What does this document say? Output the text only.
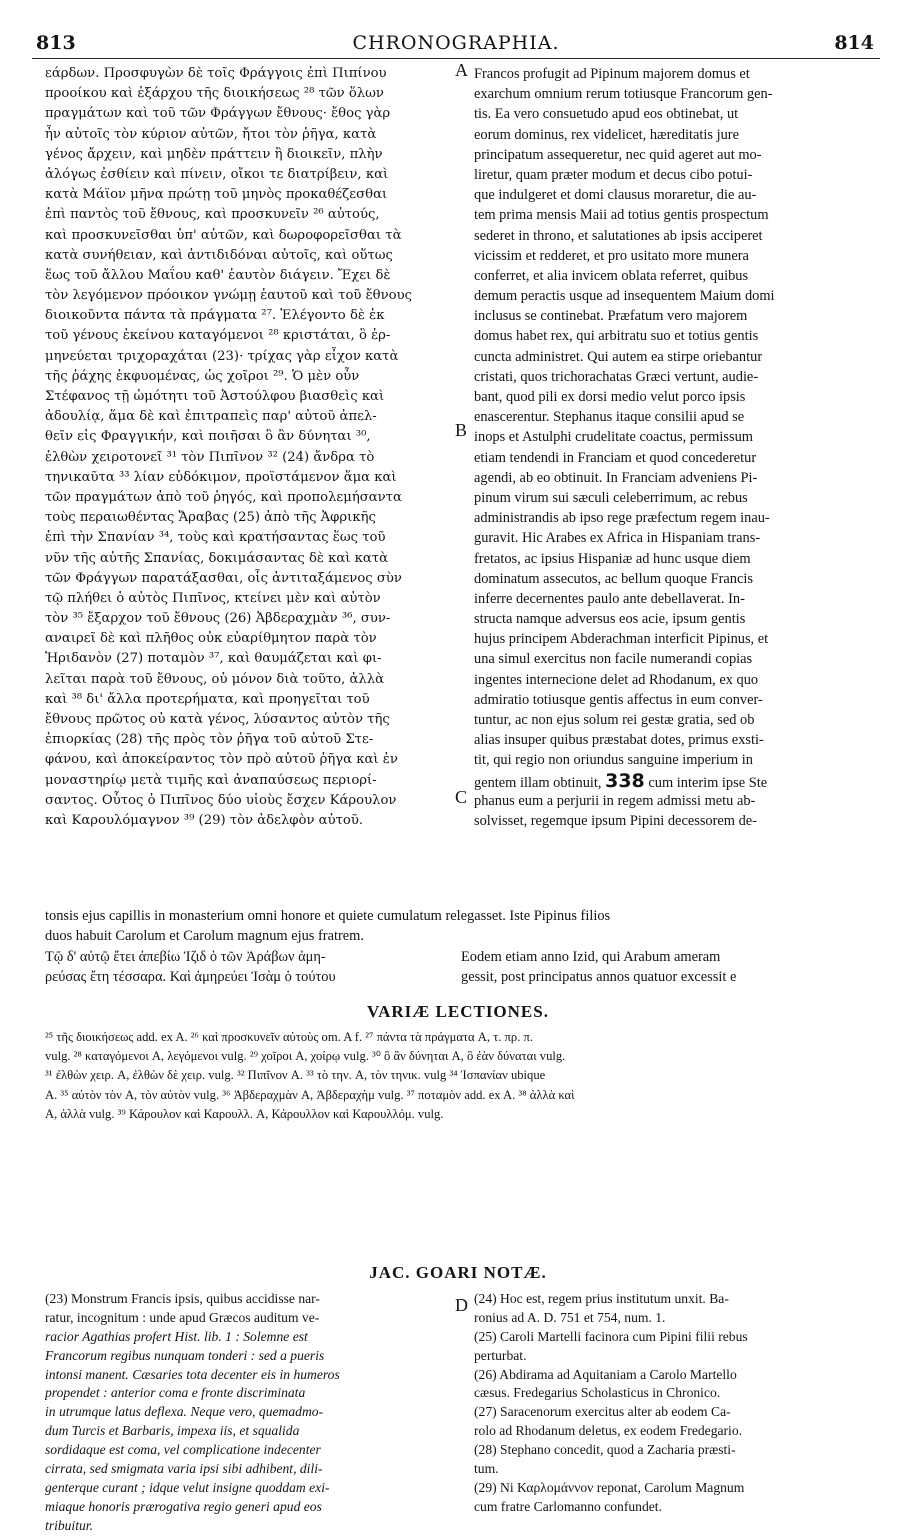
813	CHRONOGRAPHIA.	814
A
B
C
D
εάρδων. Προσφυγὼν δὲ τοῖς Φράγγοις ἐπὶ Πιπίνου
προοίκου καὶ ἐξάρχου τῆς διοικήσεως ²⁸ τῶν ὅλων
πραγμάτων καὶ τοῦ τῶν Φράγγων ἔθνους· ἔθος γὰρ
ἦν αὐτοῖς τὸν κύριον αὐτῶν, ἤτοι τὸν ῥῆγα, κατὰ
γένος ἄρχειν, καὶ μηδὲν πράττειν ἢ διοικεῖν, πλὴν
ἀλόγως ἐσθίειν καὶ πίνειν, οἴκοι τε διατρίβειν, καὶ
κατὰ Μάϊον μῆνα πρώτῃ τοῦ μηνὸς προκαθέζεσθαι
ἐπὶ παντὸς τοῦ ἔθνους, καὶ προσκυνεῖν ²⁶ αὐτούς,
καὶ προσκυνεῖσθαι ὑπ' αὐτῶν, καὶ δωροφορεῖσθαι τὰ
κατὰ συνήθειαν, καὶ ἀντιδιδόναι αὐτοῖς, καὶ οὕτως
ἕως τοῦ ἄλλου Μαΐου καθ' ἑαυτὸν διάγειν. Ἔχει δὲ
τὸν λεγόμενον πρόοικον γνώμῃ ἑαυτοῦ καὶ τοῦ ἔθνους
διοικοῦντα πάντα τὰ πράγματα ²⁷. Ἐλέγοντο δὲ ἐκ
τοῦ γένους ἐκείνου καταγόμενοι ²⁸ κριστάται, ὃ ἑρ-
μηνεύεται τριχοραχάται (23)· τρίχας γὰρ εἶχον κατὰ
τῆς ῥάχης ἐκφυομένας, ὡς χοῖροι ²⁹. Ὁ μὲν οὖν
Στέφανος τῇ ὠμότητι τοῦ Ἀστούλφου βιασθεὶς καὶ
ἀδουλίᾳ, ἅμα δὲ καὶ ἐπιτραπεὶς παρ' αὐτοῦ ἀπελ-
θεῖν εἰς Φραγγικήν, καὶ ποιῆσαι ὃ ἂν δύνηται ³⁰,
ἐλθὼν χειροτονεῖ ³¹ τὸν Πιπῖνον ³² (24) ἄνδρα τὸ
τηνικαῦτα ³³ λίαν εὐδόκιμον, προϊστάμενον ἅμα καὶ
τῶν πραγμάτων ἀπὸ τοῦ ῥηγός, καὶ προπολεμήσαντα
τοὺς περαιωθέντας Ἄραβας (25) ἀπὸ τῆς Ἀφρικῆς
ἐπὶ τὴν Σπανίαν ³⁴, τοὺς καὶ κρατήσαντας ἕως τοῦ
νῦν τῆς αὐτῆς Σπανίας, δοκιμάσαντας δὲ καὶ κατὰ
τῶν Φράγγων παρατάξασθαι, οἷς ἀντιταξάμενος σὺν
τῷ πλήθει ὁ αὐτὸς Πιπῖνος, κτείνει μὲν καὶ αὐτὸν
τὸν ³⁵ ἔξαρχον τοῦ ἔθνους (26) Ἀβδεραχμὰν ³⁶, συν-
αναιρεῖ δὲ καὶ πλῆθος οὐκ εὐαρίθμητον παρὰ τὸν
Ἠριδανὸν (27) ποταμὸν ³⁷, καὶ θαυμάζεται καὶ φι-
λεῖται παρὰ τοῦ ἔθνους, οὐ μόνον διὰ τοῦτο, ἀλλὰ
καὶ ³⁸ δι' ἄλλα προτερήματα, καὶ προηγεῖται τοῦ
ἔθνους πρῶτος οὐ κατὰ γένος, λύσαντος αὐτὸν τῆς
ἐπιορκίας (28) τῆς πρὸς τὸν ῥῆγα τοῦ αὐτοῦ Στε-
φάνου, καὶ ἀποκείραντος τὸν πρὸ αὐτοῦ ῥῆγα καὶ ἐν
μοναστηρίῳ μετὰ τιμῆς καὶ ἀναπαύσεως περιορί-
σαντος. Οὗτος ὁ Πιπῖνος δύο υἱοὺς ἔσχεν Κάρουλον
καὶ Καρουλόμαγνον ³⁹ (29) τὸν ἀδελφὸν αὐτοῦ.
Francos profugit ad Pipinum majorem domus et
exarchum omnium rerum totiusque Francorum gen-
tis. Ea vero consuetudo apud eos obtinebat, ut
eorum dominus, rex videlicet, hæreditatis jure
principatum assequeretur, nec quid ageret aut mo-
liretur, quam præter modum et decus cibo potui-
que indulgeret et domi clausus moraretur, die au-
tem prima mensis Maii ad totius gentis prospectum
sederet in throno, et salutationes ab ipsis acciperet
vicissim et redderet, et pro usitato more munera
conferret, et alia invicem oblata referret, quibus
demum peractis usque ad insequentem Maium domi
inclusus se continebat. Præfatum vero majorem
domus habet rex, qui arbitratu suo et totius gentis
cuncta administret. Qui autem ea stirpe oriebantur
cristati, quos trichorachatas Græci vertunt, audie-
bant, quod pili ex dorsi medio velut porco ipsis
enascerentur. Stephanus itaque consilii apud se
inops et Astulphi crudelitate coactus, permissum
etiam tendendi in Franciam et quod concederetur
agendi, ab eo obtinuit. In Franciam adveniens Pi-
pinum virum sui sæculi celeberrimum, ac rebus
administrandis ab ipso rege præfectum regem inau-
guravit. Hic Arabes ex Africa in Hispaniam trans-
fretatos, ac ipsius Hispaniæ ad hunc usque diem
dominatum assecutos, ac bellum quoque Francis
inferre decernentes paulo ante debellaverat. In-
structa namque adversus eos acie, ipsum gentis
hujus principem Abderachman interficit Pipinus, et
una simul exercitus non facile numerandi copias
ingentes internecione delet ad Rhodanum, ex quo
admiratio totiusque gentis affectus in eum conver-
tuntur, ac non ejus solum rei gestæ gratia, sed ob
alias insuper quibus præstabat dotes, primus exsti-
tit, qui regio non oriundus sanguine imperium in
gentem illam obtinuit, 338 cum interim ipse Ste
phanus eum a perjurii in regem admissi metu ab-
solvisset, regemque ipsum Pipini decessorem de-
tonsis ejus capillis in monasterium omni honore et quiete cumulatum relegasset. Iste Pipinus filios
duos habuit Carolum et Carolum magnum ejus fratrem.
Τῷ δ' αὐτῷ ἔτει ἀπεβίω Ἰζιδ ὁ τῶν Ἀράβων ἀμη-	Eodem etiam anno Izid, qui Arabum ameram
ρεύσας ἔτη τέσσαρα. Καὶ ἀμηρεύει Ἰσὰμ ὁ τούτου	gessit, post principatus annos quatuor excessit e
VARIÆ LECTIONES.
²⁵ τῆς διοικήσεως add. ex A. ²⁶ καὶ προσκυνεῖν αὐτοὺς om. A f. ²⁷ πάντα τὰ πράγματα A, τ. πρ. π.
vulg. ²⁸ καταγόμενοι A, λεγόμενοι vulg. ²⁹ χοῖροι A, χοίρῳ vulg. ³⁰ ὃ ἂν δύνηται A, ὃ ἐὰν δύναται vulg.
³¹ ἐλθὼν χειρ. A, ἐλθὼν δὲ χειρ. vulg. ³² Πιπῖνον A. ³³ τὸ την. A, τὸν τηνικ. vulg ³⁴ Ἰσπανίαν ubique
A. ³⁵ αὐτὸν τὸν A, τὸν αὐτὸν vulg. ³⁶ Ἀβδεραχμὰν A, Ἀβδεραχὴμ vulg. ³⁷ ποταμὸν add. ex A. ³⁸ ἀλλὰ καὶ
A, ἀλλὰ vulg. ³⁹ Κάρουλον καὶ Καρουλλ. A, Κάρουλλον καὶ Καρουλλόμ. vulg.
JAC. GOARI NOTÆ.
(23) Monstrum Francis ipsis, quibus accidisse nar-
ratur, incognitum : unde apud Græcos auditum ve-
racior Agathias profert Hist. lib. 1 : Solemne est
Francorum regibus nunquam tonderi : sed a pueris
intonsi manent. Cæsaries tota decenter eis in humeros
propendet : anterior coma e fronte discriminata
in utrumque latus deflexa. Neque vero, quemadmo-
dum Turcis et Barbaris, impexa iis, et squalida
sordidaque est coma, vel complicatione indecenter
cirrata, sed smigmata varia ipsi sibi adhibent, dili-
genterque curant ; idque velut insigne quoddam exi-
miaque honoris prærogativa regio generi apud eos
tribuitur.
(24) Hoc est, regem prius institutum unxit. Ba-
ronius ad A. D. 751 et 754, num. 1.
(25) Caroli Martelli facinora cum Pipini filii rebus
perturbat.
(26) Abdirama ad Aquitaniam a Carolo Martello
cæsus. Fredegarius Scholasticus in Chronico.
(27) Saracenorum exercitus alter ab eodem Ca-
rolo ad Rhodanum deletus, ex eodem Fredegario.
(28) Stephano concedit, quod a Zacharia præsti-
tum.
(29) Ni Καρλομάννον reponat, Carolum Magnum
cum fratre Carlomanno confundet.
